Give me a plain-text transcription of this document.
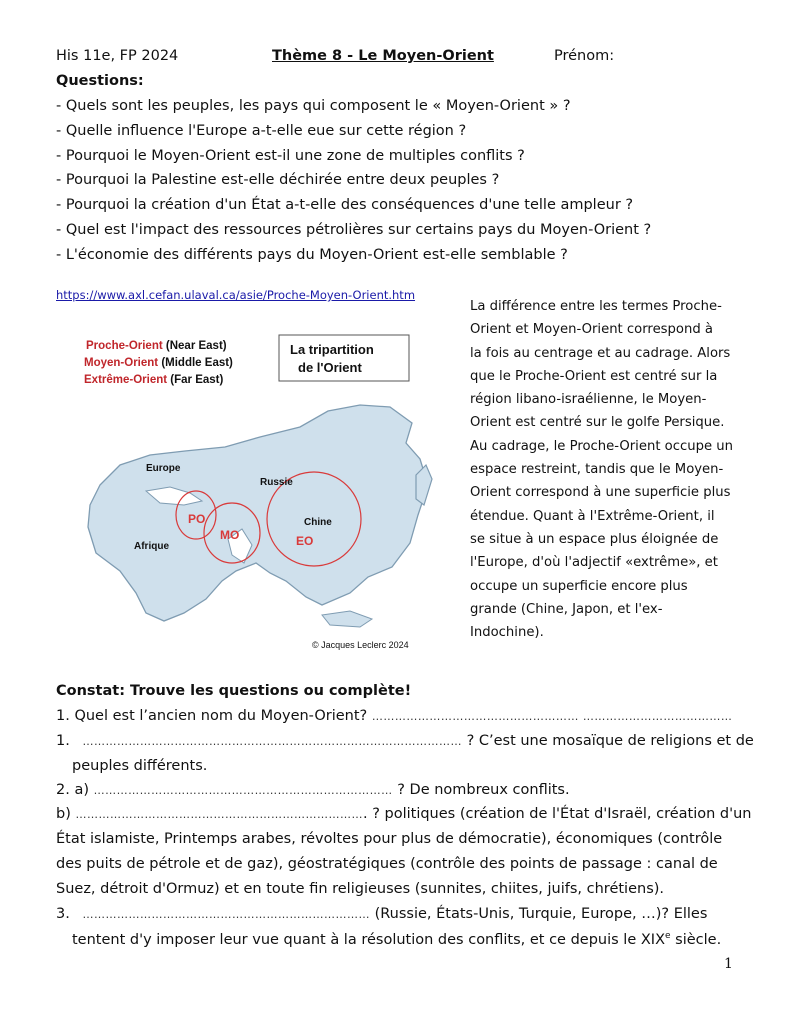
His 11e, FP 2024	Thème 8 - Le Moyen-Orient	Prénom:
Questions:
- Quels sont les peuples, les pays qui composent le « Moyen-Orient » ?
- Quelle influence l'Europe a-t-elle eue sur cette région ?
- Pourquoi le Moyen-Orient est-il une zone de multiples conflits ?
- Pourquoi la Palestine est-elle déchirée entre deux peuples ?
- Pourquoi la création d'un État a-t-elle des conséquences d'une telle ampleur ?
- Quel est l'impact des ressources pétrolières sur certains pays du Moyen-Orient ?
- L'économie des différents pays du Moyen-Orient est-elle semblable ?
https://www.axl.cefan.ulaval.ca/asie/Proche-Moyen-Orient.htm
Proche-Orient (Near East)
Moyen-Orient (Middle East)
Extrême-Orient (Far East)
La tripartition
de l'Orient
Europe
Russie
Afrique
Chine
PO
MO	EO
© Jacques Leclerc 2024
La différence entre les termes Proche-
Orient et Moyen-Orient correspond à
la fois au centrage et au cadrage. Alors
que le Proche-Orient est centré sur la
région libano-israélienne, le Moyen-
Orient est centré sur le golfe Persique.
Au cadrage, le Proche-Orient occupe un
espace restreint, tandis que le Moyen-
Orient correspond à une superficie plus
étendue. Quant à l'Extrême-Orient, il
se situe à un espace plus éloignée de
l'Europe, d'où l'adjectif «extrême», et
occupe un superficie encore plus
grande (Chine, Japon, et l'ex-
Indochine).
Constat: Trouve les questions ou complète!
1. Quel est l’ancien nom du Moyen-Orient? ……………………………………………… …………………………………
1. ……………………………………………………………………………………… ? C’est une mosaïque de religions et de
peuples différents.
2. a) …………………………………………………………………… ? De nombreux conflits.
b) …………………………………………………………………. ? politiques (création de l'État d'Israël, création d'un
État islamiste, Printemps arabes, révoltes pour plus de démocratie), économiques (contrôle
des puits de pétrole et de gaz), géostratégiques (contrôle des points de passage : canal de
Suez, détroit d'Ormuz) et en toute fin religieuses (sunnites, chiites, juifs, chrétiens).
3. ………………………………………………………………… (Russie, États-Unis, Turquie, Europe, …)? Elles
tentent d'y imposer leur vue quant à la résolution des conflits, et ce depuis le XIXe siècle.
1
